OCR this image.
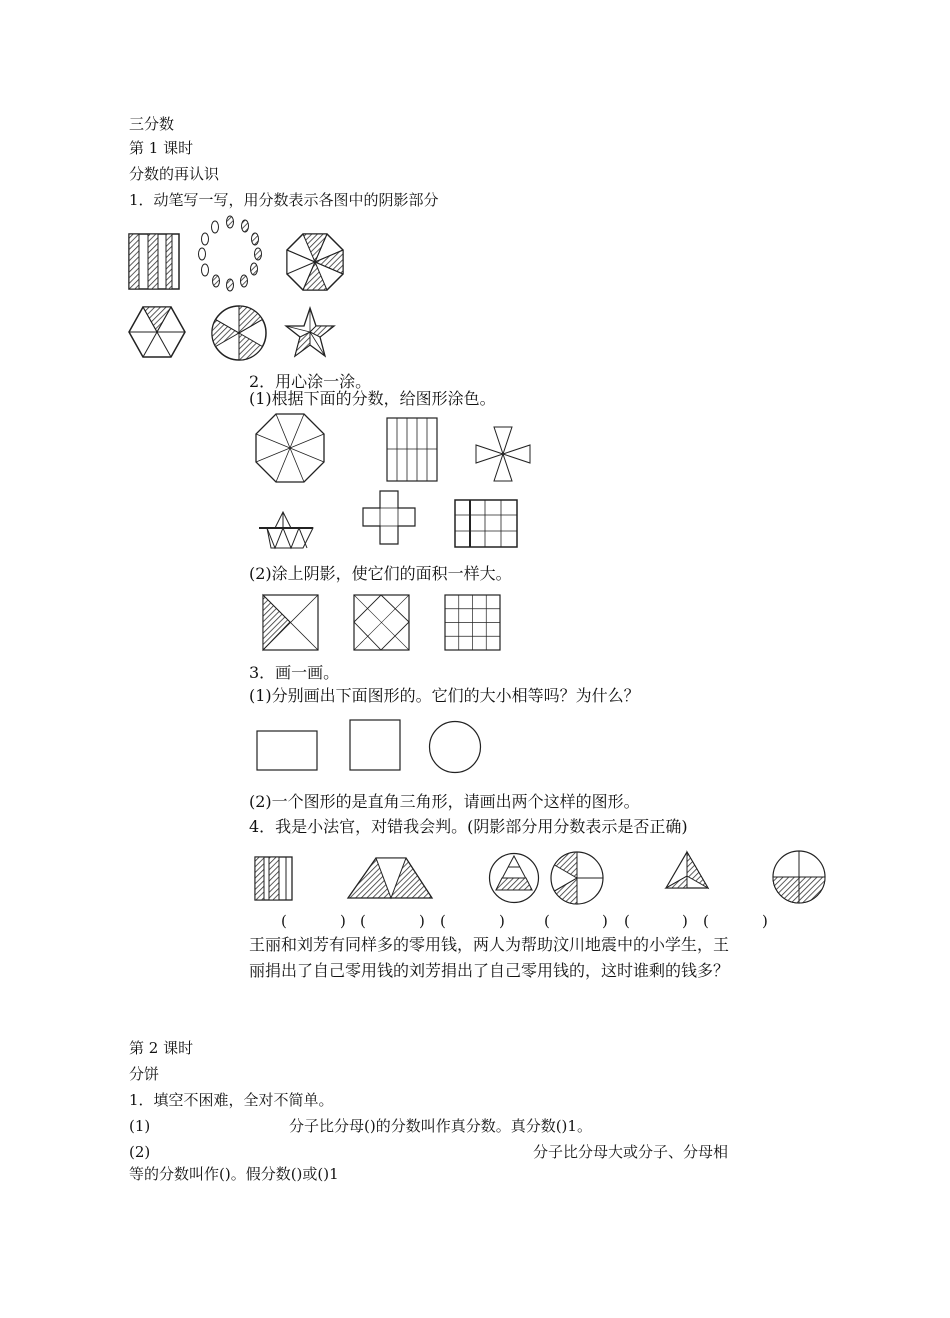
三分数
第 1 课时
分数的再认识
1．动笔写一写，用分数表示各图中的阴影部分
2．用心涂一涂。
(1)根据下面的分数，给图形涂色。
(2)涂上阴影，使它们的面积一样大。
3．画一画。
(1)分别画出下面图形的。它们的大小相等吗？为什么？
(2)一个图形的是直角三角形，请画出两个这样的图形。
4．我是小法官，对错我会判。(阴影部分用分数表示是否正确)
(	) (	) (	)	(	) (	) (	)
王丽和刘芳有同样多的零用钱，两人为帮助汶川地震中的小学生，王
丽捐出了自己零用钱的刘芳捐出了自己零用钱的，这时谁剩的钱多？
第 2 课时
分饼
1．填空不困难，全对不简单。
(1)	分子比分母()的分数叫作真分数。真分数()1。
(2)	分子比分母大或分子、分母相
等的分数叫作()。假分数()或()1
